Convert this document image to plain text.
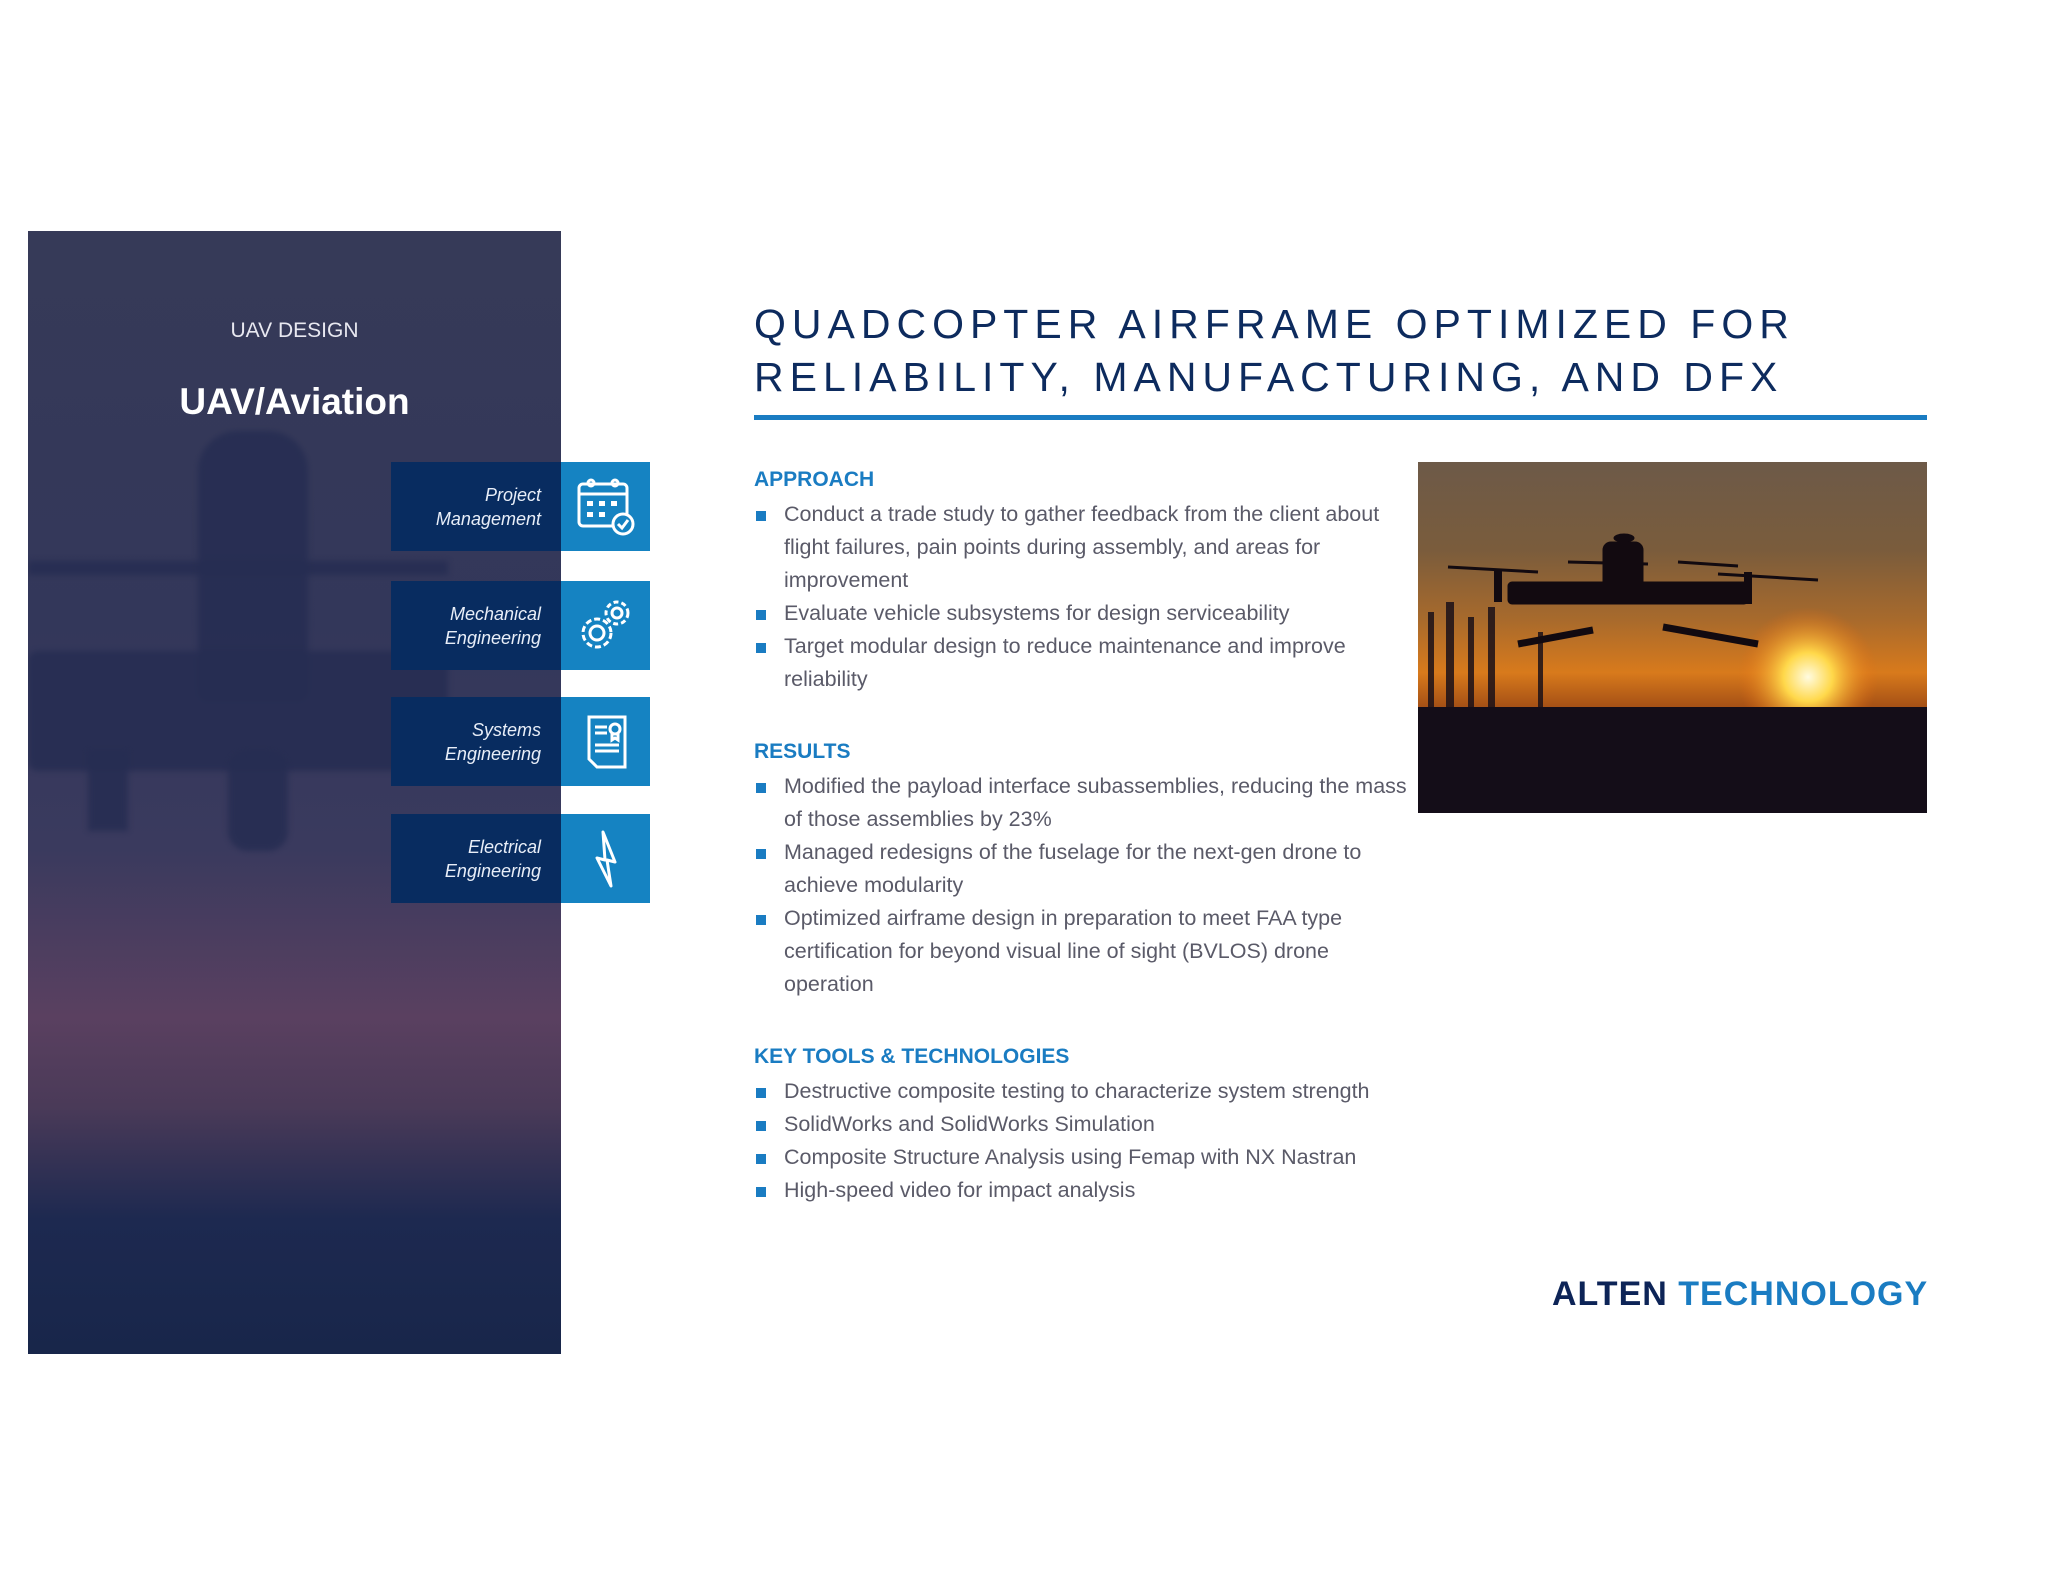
UAV DESIGN
UAV/Aviation
Project
Management
Mechanical
Engineering
Systems
Engineering
Electrical
Engineering
QUADCOPTER AIRFRAME OPTIMIZED FOR
RELIABILITY, MANUFACTURING, AND DFX
APPROACH
Conduct a trade study to gather feedback from the client about flight failures, pain points during assembly, and areas for improvement
Evaluate vehicle subsystems for design serviceability
Target modular design to reduce maintenance and improve reliability
RESULTS
Modified the payload interface subassemblies, reducing the mass of those assemblies by 23%
Managed redesigns of the fuselage for the next-gen drone to achieve modularity
Optimized airframe design in preparation to meet FAA type certification for beyond visual line of sight (BVLOS) drone operation
KEY TOOLS & TECHNOLOGIES
Destructive composite testing to characterize system strength
SolidWorks and SolidWorks Simulation
Composite Structure Analysis using Femap with NX Nastran
High-speed video for impact analysis
ALTEN TECHNOLOGY
